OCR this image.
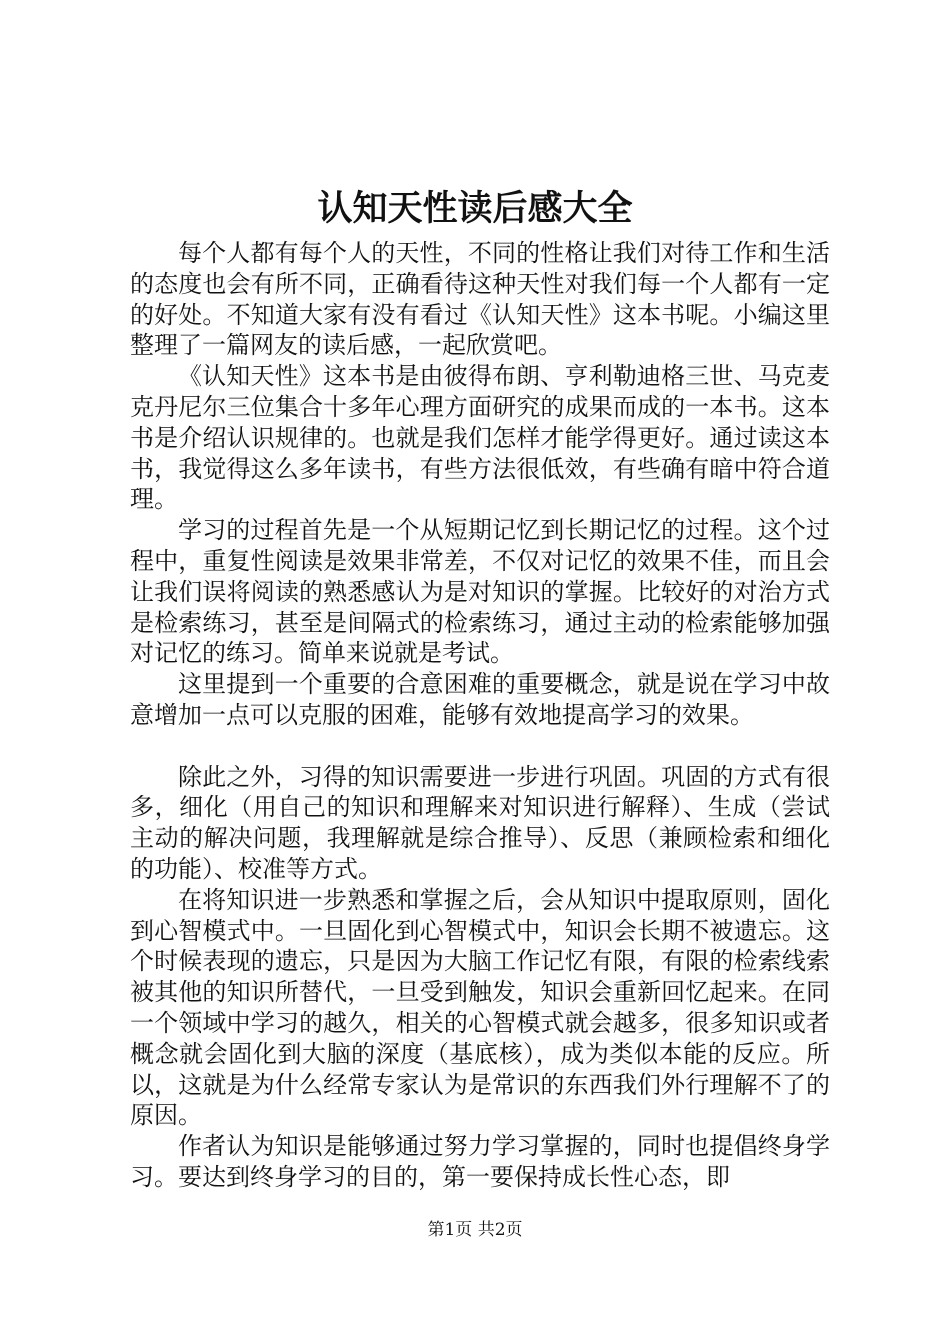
认知天性读后感大全

每个人都有每个人的天性，不同的性格让我们对待工作和生活的态度也会有所不同，正确看待这种天性对我们每一个人都有一定的好处。不知道大家有没有看过《认知天性》这本书呢。小编这里整理了一篇网友的读后感，一起欣赏吧。

《认知天性》这本书是由彼得布朗、亨利勒迪格三世、马克麦克丹尼尔三位集合十多年心理方面研究的成果而成的一本书。这本书是介绍认识规律的。也就是我们怎样才能学得更好。通过读这本书，我觉得这么多年读书，有些方法很低效，有些确有暗中符合道理。

学习的过程首先是一个从短期记忆到长期记忆的过程。这个过程中，重复性阅读是效果非常差，不仅对记忆的效果不佳，而且会让我们误将阅读的熟悉感认为是对知识的掌握。比较好的对治方式是检索练习，甚至是间隔式的检索练习，通过主动的检索能够加强对记忆的练习。简单来说就是考试。

这里提到一个重要的合意困难的重要概念，就是说在学习中故意增加一点可以克服的困难，能够有效地提高学习的效果。

除此之外，习得的知识需要进一步进行巩固。巩固的方式有很多，细化（用自己的知识和理解来对知识进行解释）、生成（尝试主动的解决问题，我理解就是综合推导）、反思（兼顾检索和细化的功能）、校准等方式。

在将知识进一步熟悉和掌握之后，会从知识中提取原则，固化到心智模式中。一旦固化到心智模式中，知识会长期不被遗忘。这个时候表现的遗忘，只是因为大脑工作记忆有限，有限的检索线索被其他的知识所替代，一旦受到触发，知识会重新回忆起来。在同一个领域中学习的越久，相关的心智模式就会越多，很多知识或者概念就会固化到大脑的深度（基底核），成为类似本能的反应。所以，这就是为什么经常专家认为是常识的东西我们外行理解不了的原因。

作者认为知识是能够通过努力学习掌握的，同时也提倡终身学习。要达到终身学习的目的，第一要保持成长性心态，即

第1页 共2页
